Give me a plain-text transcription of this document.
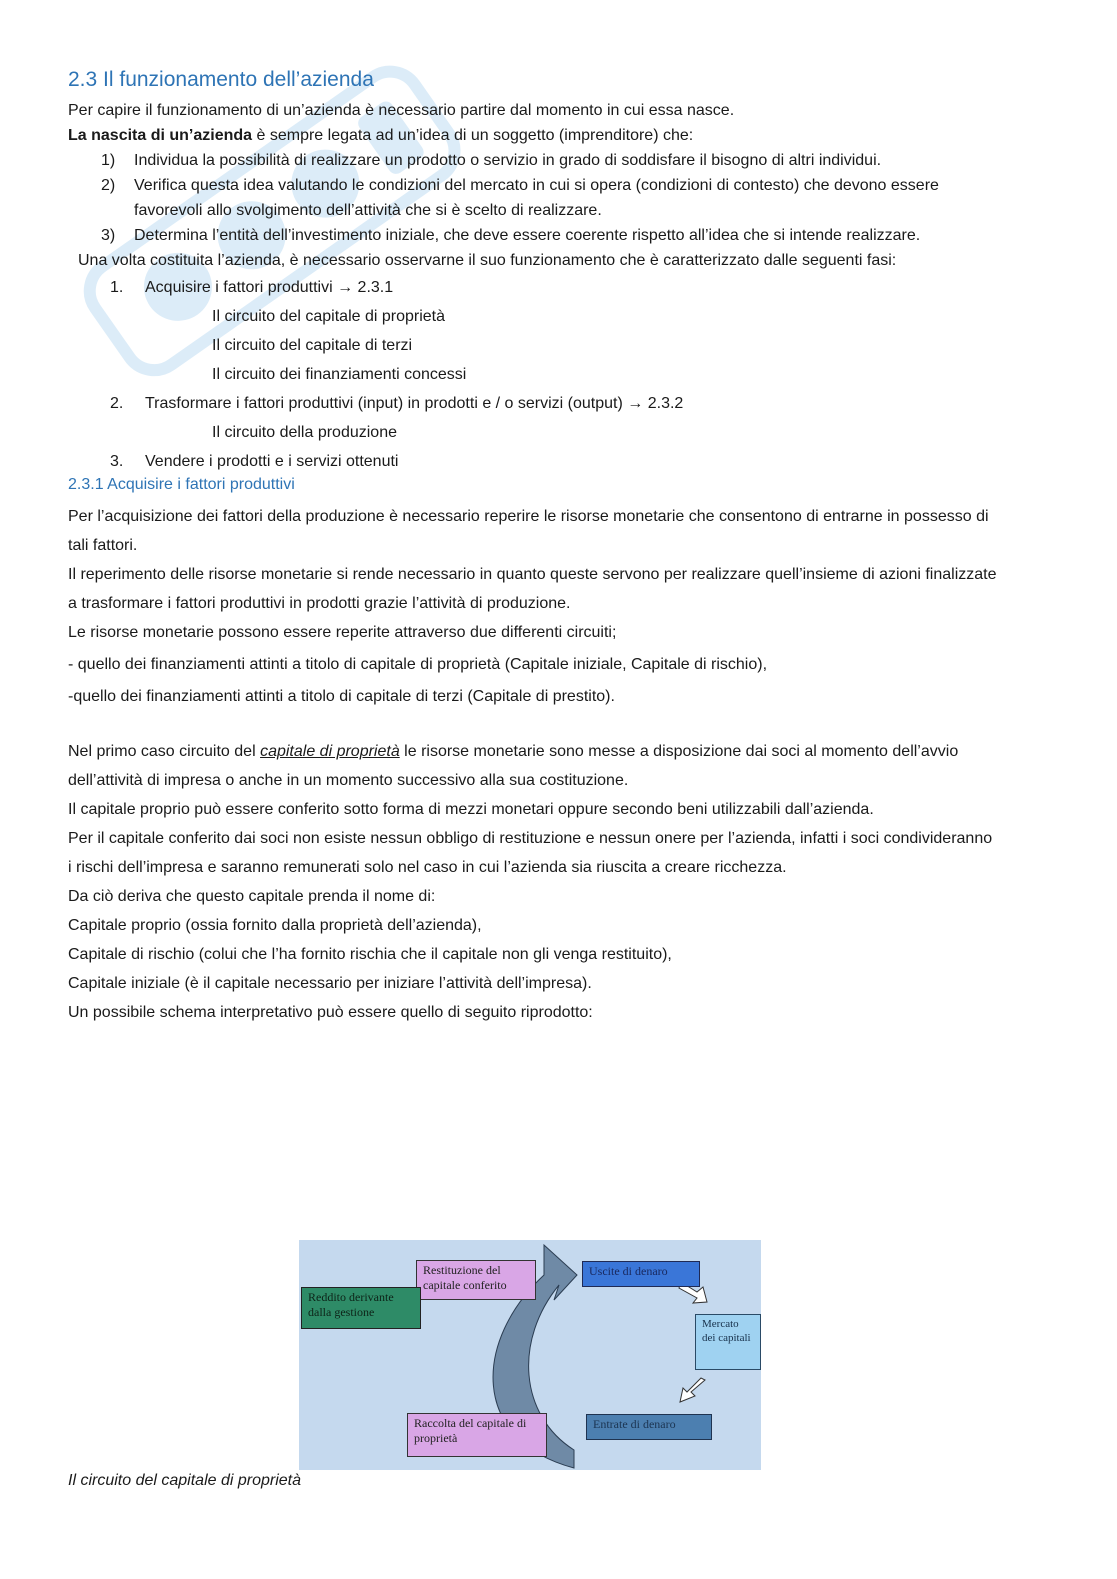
2.3 Il funzionamento dell’azienda

Per capire il funzionamento di un’azienda è necessario partire dal momento in cui essa nasce.

La nascita di un’azienda è sempre legata ad un’idea di un soggetto (imprenditore) che:

1) Individua la possibilità di realizzare un prodotto o servizio in grado di soddisfare il bisogno di altri individui.
2) Verifica questa idea valutando le condizioni del mercato in cui si opera (condizioni di contesto) che devono essere favorevoli allo svolgimento dell’attività che si è scelto di realizzare.
3) Determina l’entità dell’investimento iniziale, che deve essere coerente rispetto all’idea che si intende realizzare.

Una volta costituita l’azienda, è necessario osservarne il suo funzionamento che è caratterizzato dalle seguenti fasi:

1. Acquisire i fattori produttivi → 2.3.1
Il circuito del capitale di proprietà
Il circuito del capitale di terzi
Il circuito dei finanziamenti concessi
2. Trasformare i fattori produttivi (input) in prodotti e / o servizi (output) → 2.3.2
Il circuito della produzione
3. Vendere i prodotti e i servizi ottenuti
2.3.1 Acquisire i fattori produttivi

Per l’acquisizione dei fattori della produzione è necessario reperire le risorse monetarie che consentono di entrarne in possesso di tali fattori.

Il reperimento delle risorse monetarie si rende necessario in quanto queste servono per realizzare quell’insieme di azioni finalizzate a trasformare i fattori produttivi in prodotti grazie l’attività di produzione.

Le risorse monetarie possono essere reperite attraverso due differenti circuiti;

- quello dei finanziamenti attinti a titolo di capitale di proprietà (Capitale iniziale, Capitale di rischio),

-quello dei finanziamenti attinti a titolo di capitale di terzi (Capitale di prestito).

Nel primo caso circuito del capitale di proprietà le risorse monetarie sono messe a disposizione dai soci al momento dell’avvio dell’attività di impresa o anche in un momento successivo alla sua costituzione.

Il capitale proprio può essere conferito sotto forma di mezzi monetari oppure secondo beni utilizzabili dall’azienda.

Per il capitale conferito dai soci non esiste nessun obbligo di restituzione e nessun onere per l’azienda, infatti i soci condivideranno i rischi dell’impresa e saranno remunerati solo nel caso in cui l’azienda sia riuscita a creare ricchezza.

Da ciò deriva che questo capitale prenda il nome di:

Capitale proprio (ossia fornito dalla proprietà dell’azienda),

Capitale di rischio (colui che l’ha fornito rischia che il capitale non gli venga restituito),

Capitale iniziale (è il capitale necessario per iniziare l’attività dell’impresa).

Un possibile schema interpretativo può essere quello di seguito riprodotto:

Restituzione del capitale conferito
Reddito derivante dalla gestione
Uscite di denaro
Mercato dei capitali
Raccolta del capitale di proprietà
Entrate di denaro
Il circuito del capitale di proprietà
